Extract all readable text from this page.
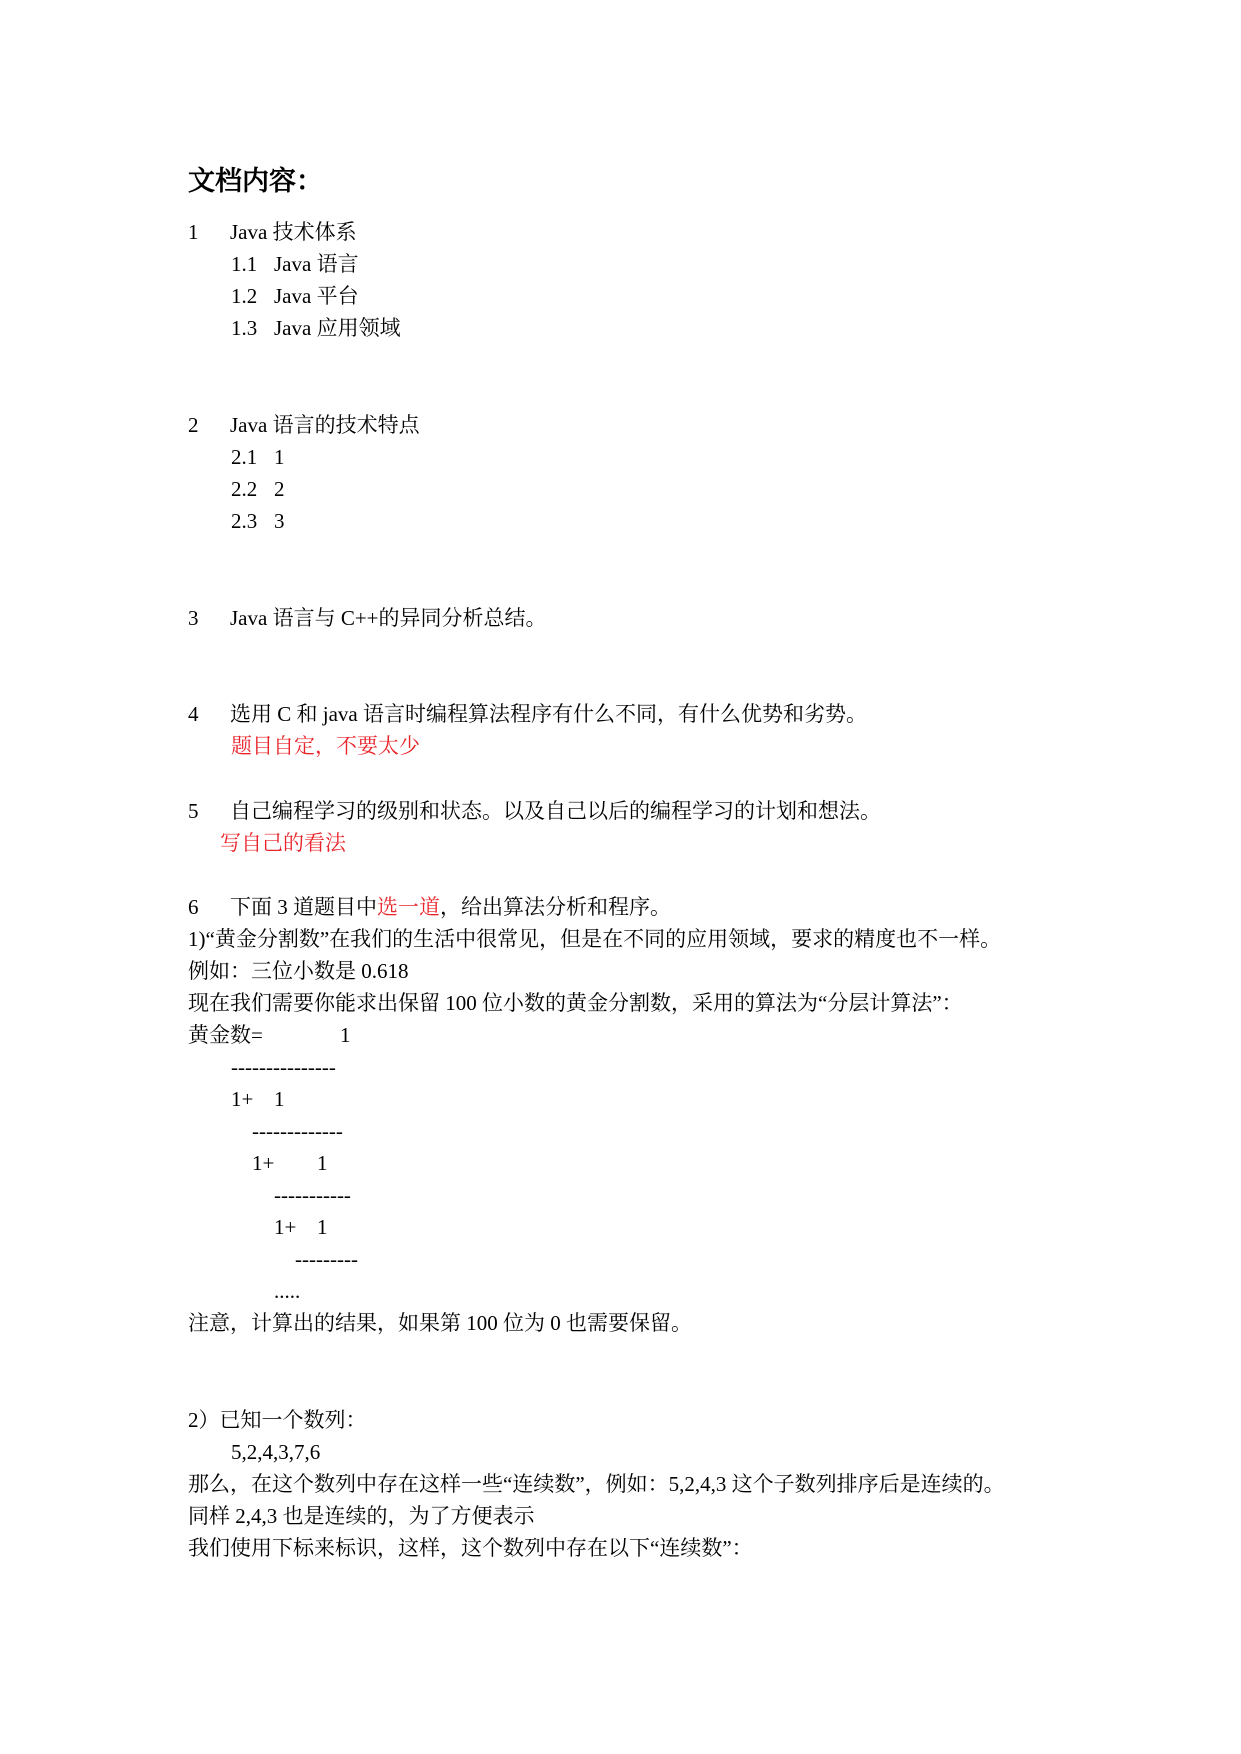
文档内容：
1 Java 技术体系
1.1 Java 语言
1.2 Java 平台
1.3 Java 应用领域
2 Java 语言的技术特点
2.1 1
2.2 2
2.3 3
3 Java 语言与 C++的异同分析总结。
4 选用 C 和 java 语言时编程算法程序有什么不同，有什么优势和劣势。
题目自定，不要太少
5 自己编程学习的级别和状态。以及自己以后的编程学习的计划和想法。
写自己的看法
6 下面 3 道题目中选一道，给出算法分析和程序。
1)“黄金分割数”在我们的生活中很常见，但是在不同的应用领域，要求的精度也不一样。
例如：三位小数是 0.618
现在我们需要你能求出保留 100 位小数的黄金分割数，采用的算法为“分层计算法”：
黄金数=	1
---------------
1+ 1
-------------
1+ 1
-----------
1+ 1
---------
.....
注意，计算出的结果，如果第 100 位为 0 也需要保留。
2）已知一个数列：
5,2,4,3,7,6
那么，在这个数列中存在这样一些“连续数”，例如：5,2,4,3 这个子数列排序后是连续的。
同样 2,4,3 也是连续的，为了方便表示
我们使用下标来标识，这样，这个数列中存在以下“连续数”：
